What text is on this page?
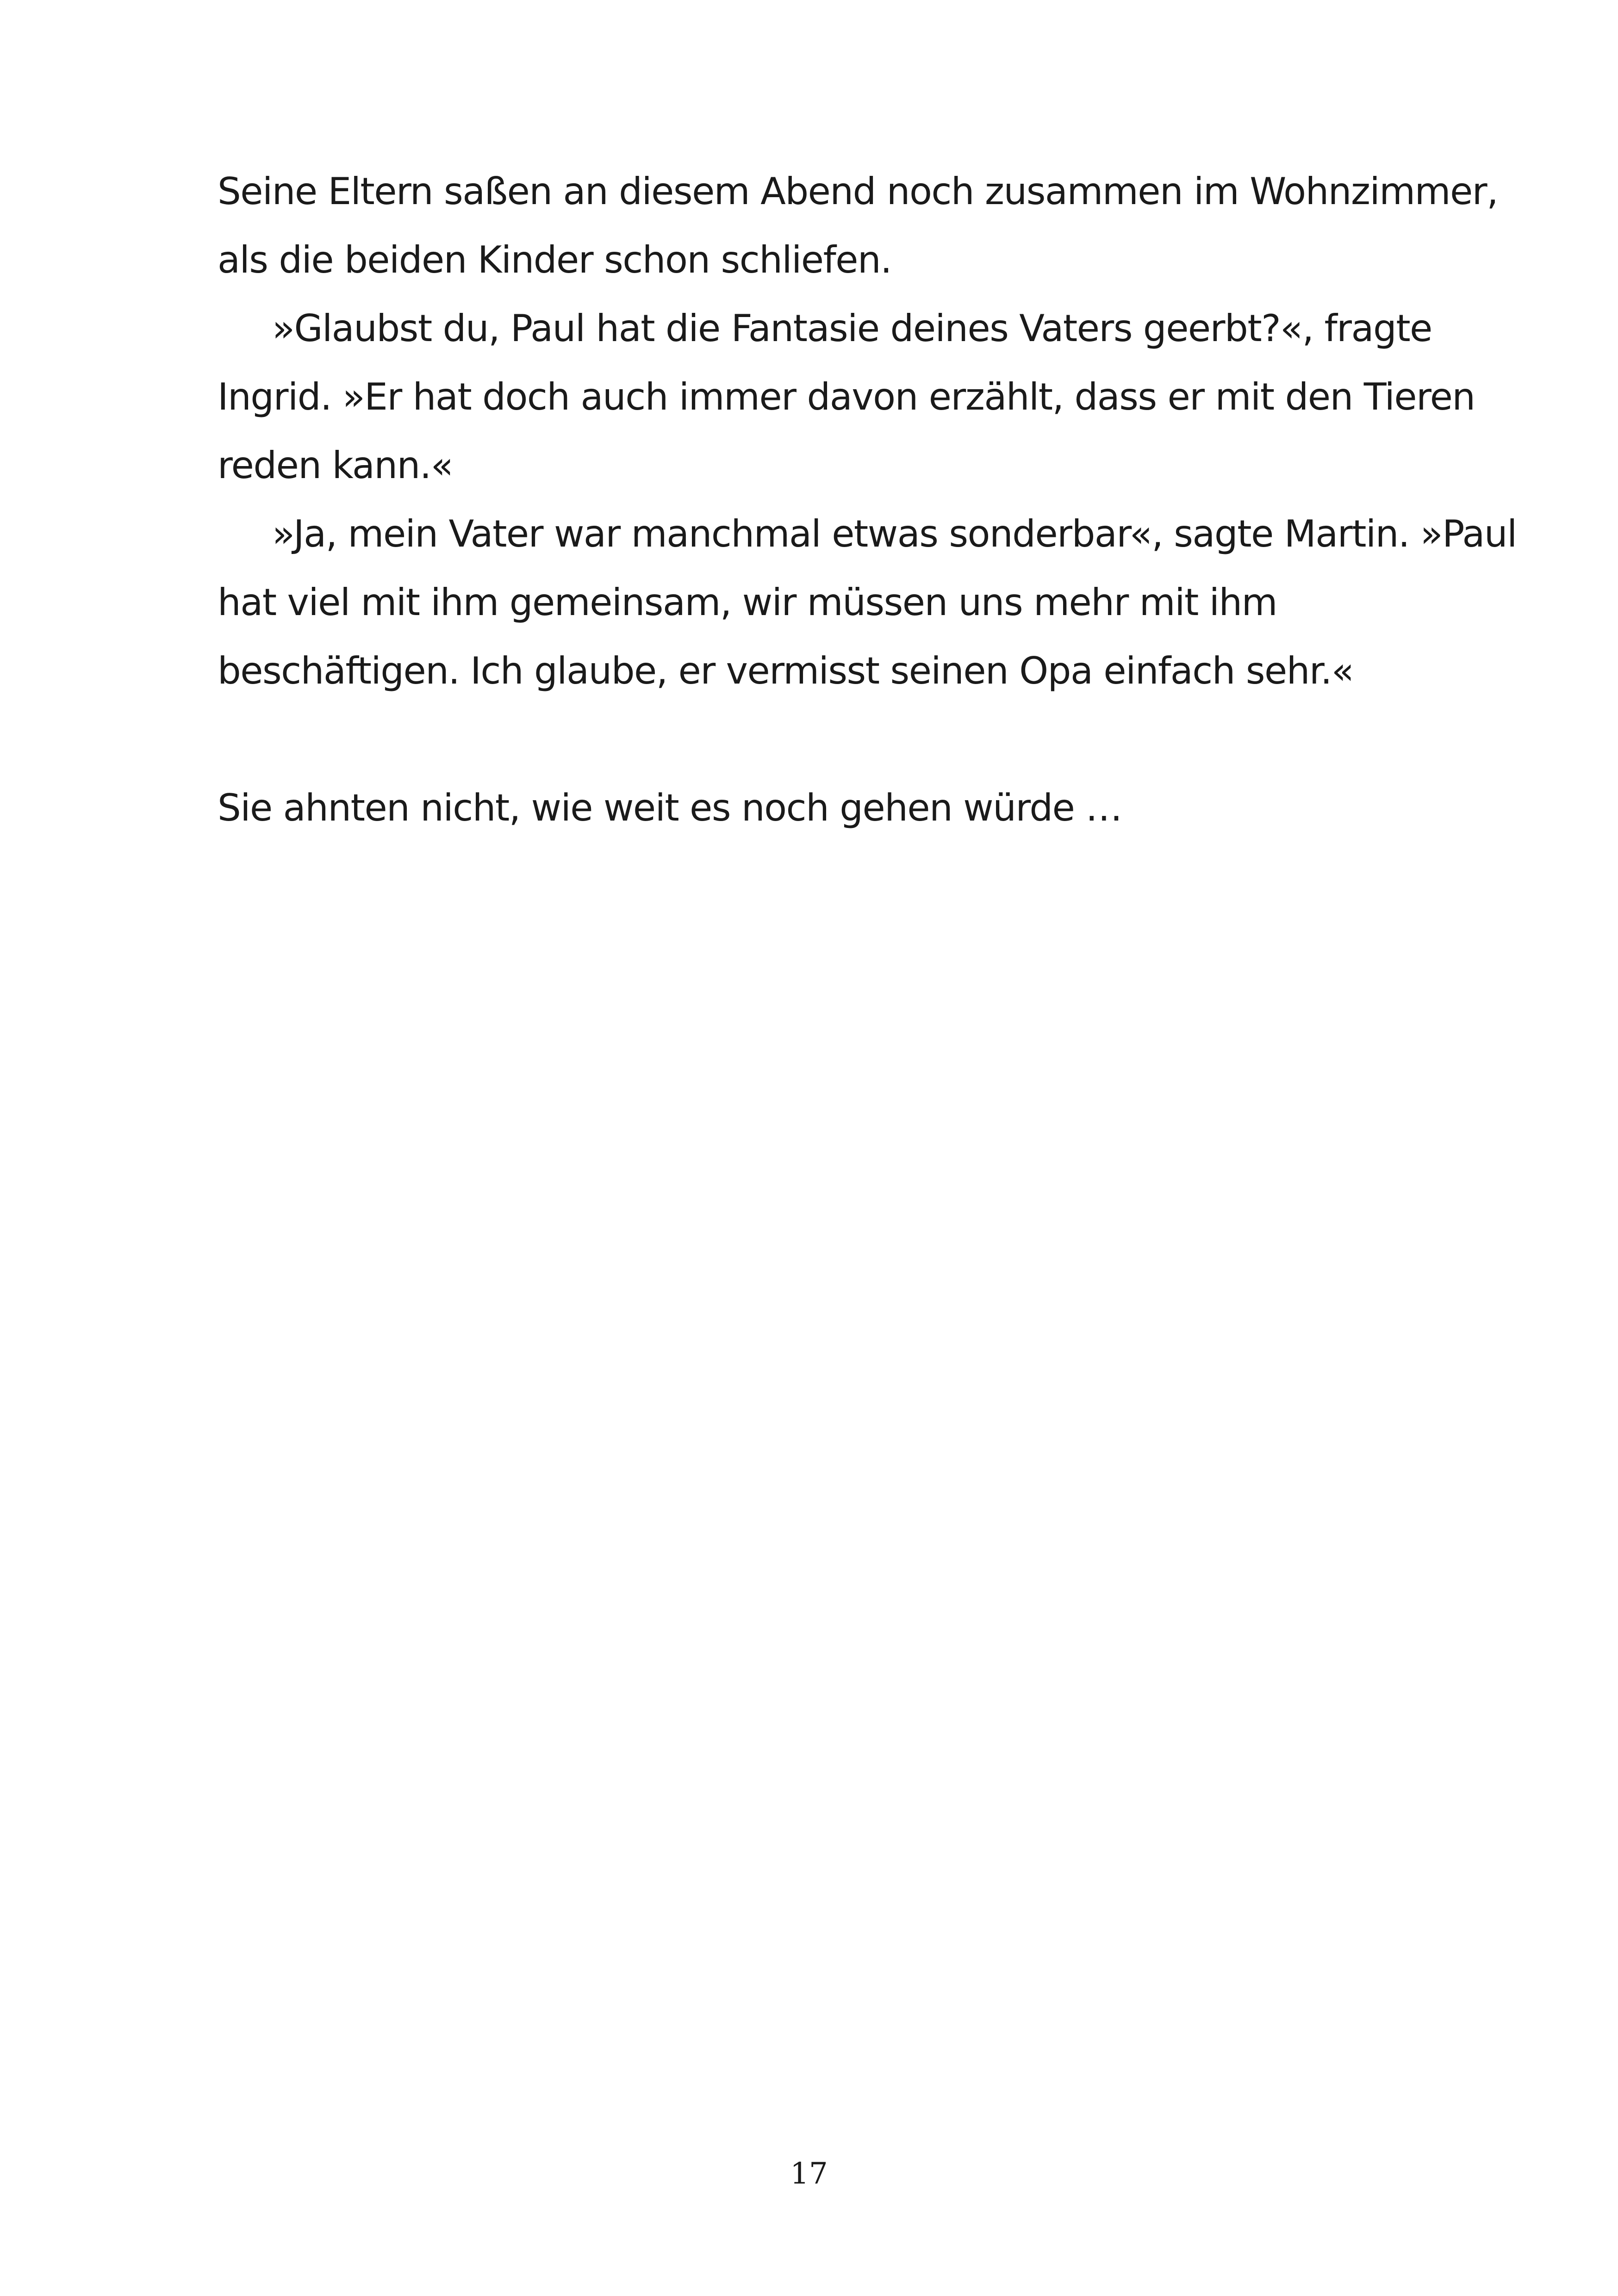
Seine Eltern saßen an diesem Abend noch zusammen im Wohnzimmer,
als die beiden Kinder schon schliefen.
»Glaubst du, Paul hat die Fantasie deines Vaters geerbt?«, fragte
Ingrid. »Er hat doch auch immer davon erzählt, dass er mit den Tieren
reden kann.«
»Ja, mein Vater war manchmal etwas sonderbar«, sagte Martin. »Paul
hat viel mit ihm gemeinsam, wir müssen uns mehr mit ihm
beschäftigen. Ich glaube, er vermisst seinen Opa einfach sehr.«
Sie ahnten nicht, wie weit es noch gehen würde …
17
